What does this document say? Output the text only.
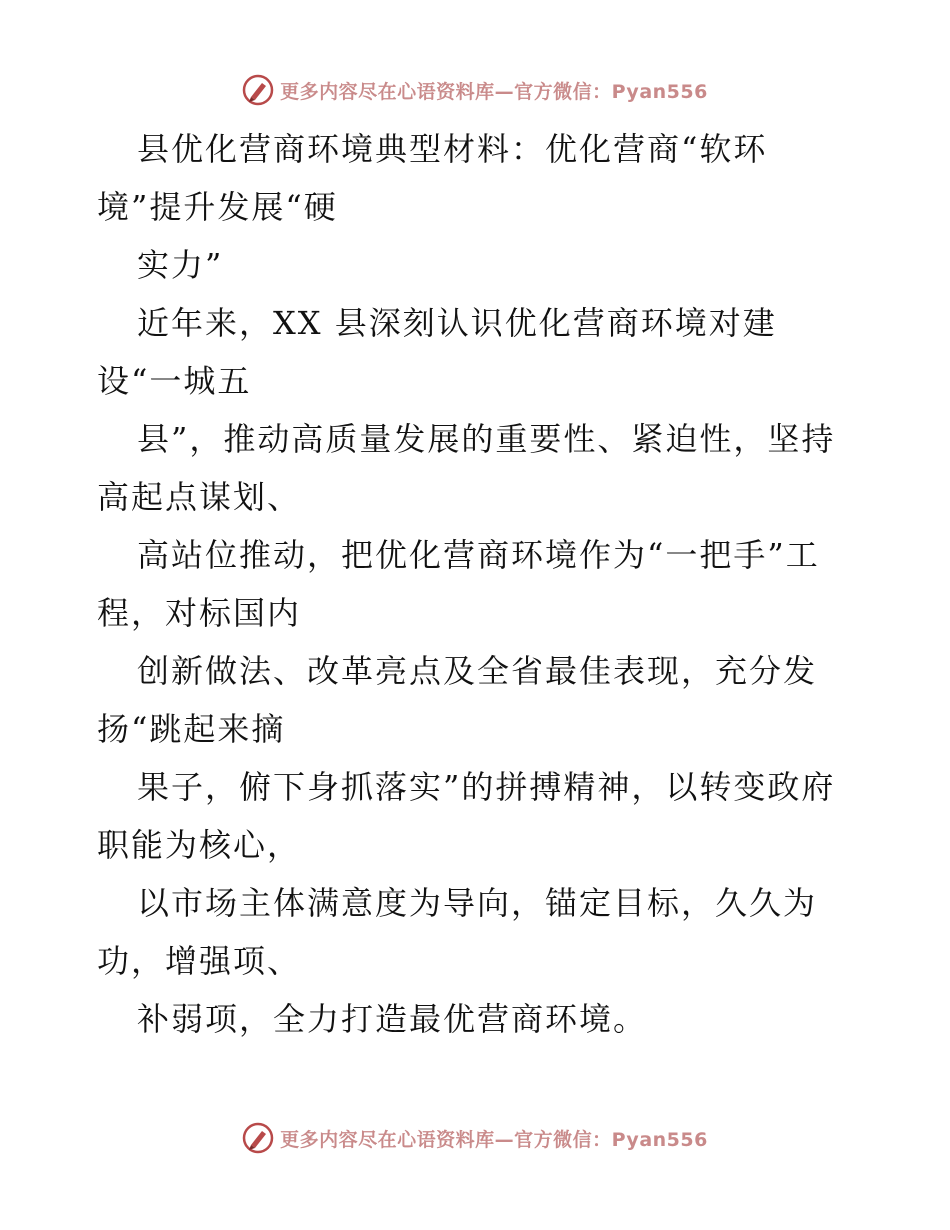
更多内容尽在心语资料库—官方微信：Pyan556
县优化营商环境典型材料：优化营商“软环
境”提升发展“硬
实力”
近年来，XX 县深刻认识优化营商环境对建
设“一城五
县”，推动高质量发展的重要性、紧迫性，坚持
高起点谋划、
高站位推动，把优化营商环境作为“一把手”工
程，对标国内
创新做法、改革亮点及全省最佳表现，充分发
扬“跳起来摘
果子，俯下身抓落实”的拼搏精神，以转变政府
职能为核心，
以市场主体满意度为导向，锚定目标，久久为
功，增强项、
补弱项，全力打造最优营商环境。
更多内容尽在心语资料库—官方微信：Pyan556
